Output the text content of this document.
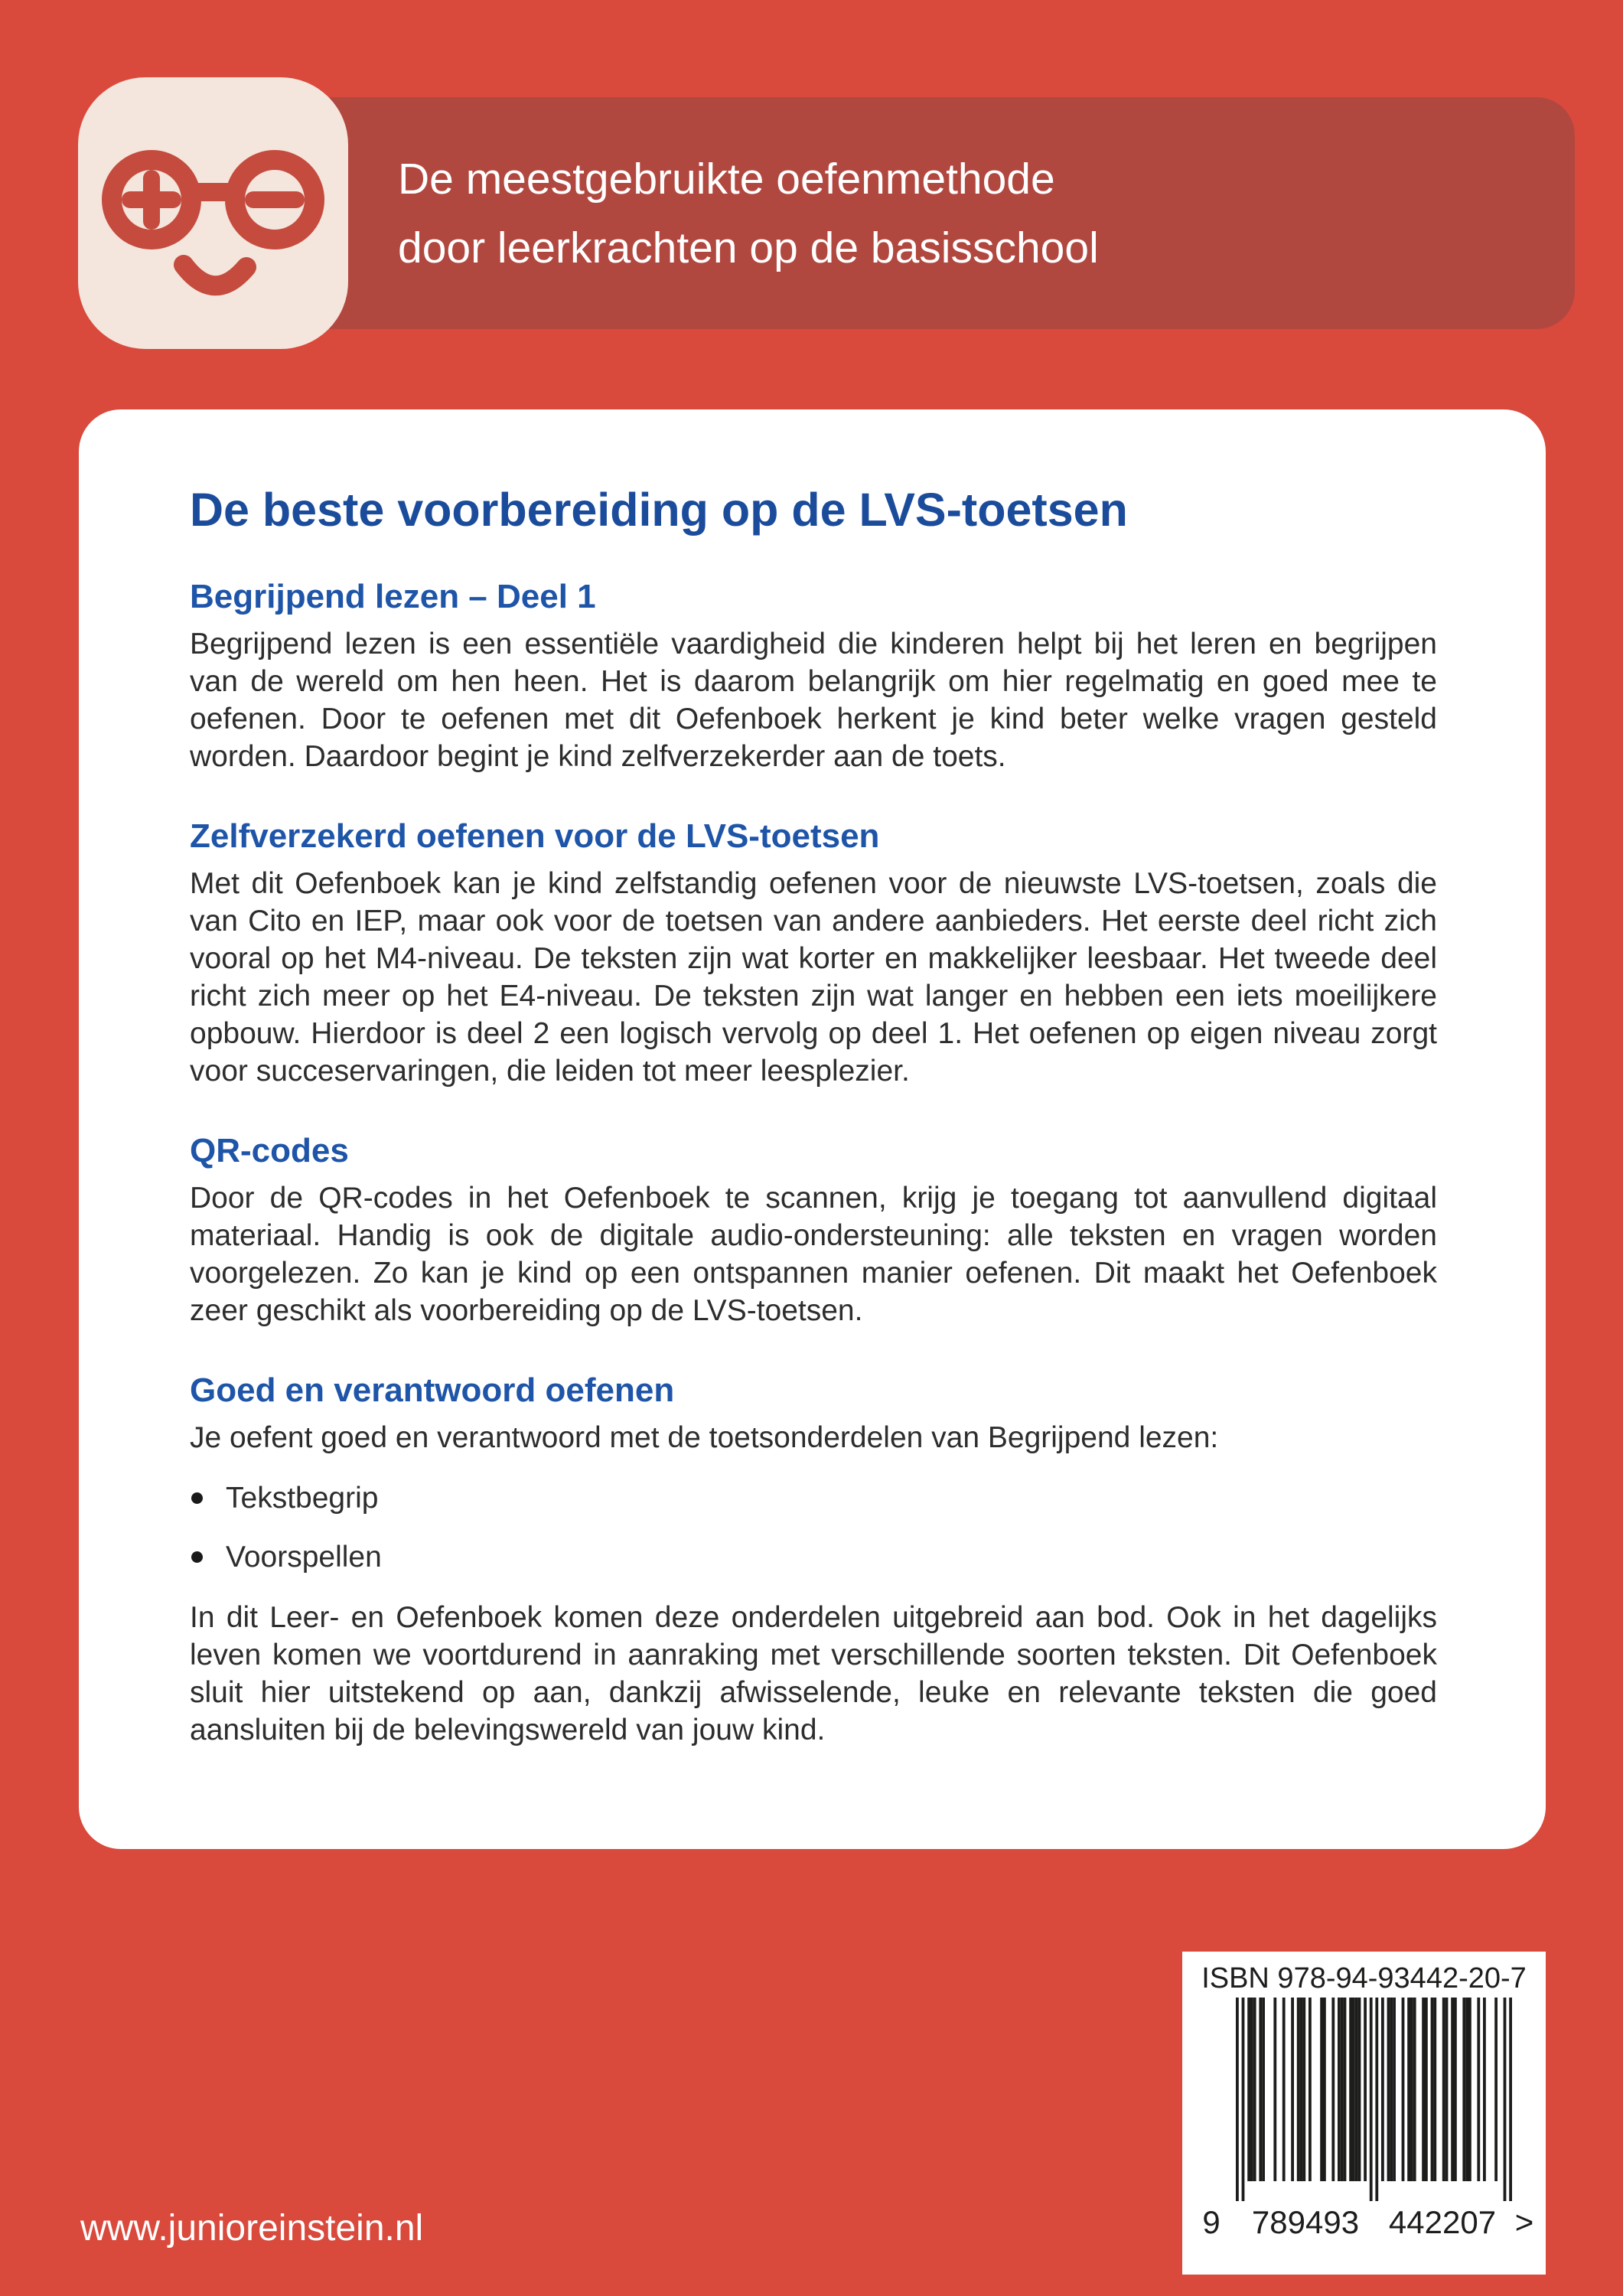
De meestgebruikte oefenmethode
door leerkrachten op de basisschool
De beste voorbereiding op de LVS-toetsen
Begrijpend lezen – Deel 1

Begrijpend lezen is een essentiële vaardigheid die kinderen helpt bij het leren en begrijpen van de wereld om hen heen. Het is daarom belangrijk om hier regelmatig en goed mee te oefenen. Door te oefenen met dit Oefenboek herkent je kind beter welke vragen gesteld worden. Daardoor begint je kind zelfverzekerder aan de toets.

Zelfverzekerd oefenen voor de LVS-toetsen

Met dit Oefenboek kan je kind zelfstandig oefenen voor de nieuwste LVS-toetsen, zoals die van Cito en IEP, maar ook voor de toetsen van andere aanbieders. Het eerste deel richt zich vooral op het M4-niveau. De teksten zijn wat korter en makkelijker leesbaar. Het tweede deel richt zich meer op het E4-niveau. De teksten zijn wat langer en hebben een iets moeilijkere opbouw. Hierdoor is deel 2 een logisch vervolg op deel 1. Het oefenen op eigen niveau zorgt voor succeservaringen, die leiden tot meer leesplezier.

QR-codes

Door de QR-codes in het Oefenboek te scannen, krijg je toegang tot aanvullend digitaal materiaal. Handig is ook de digitale audio-ondersteuning: alle teksten en vragen worden voorgelezen. Zo kan je kind op een ontspannen manier oefenen. Dit maakt het Oefenboek zeer geschikt als voorbereiding op de LVS-toetsen.

Goed en verantwoord oefenen

Je oefent goed en verantwoord met de toetsonderdelen van Begrijpend lezen:

Tekstbegrip
Voorspellen

In dit Leer- en Oefenboek komen deze onderdelen uitgebreid aan bod. Ook in het dagelijks leven komen we voortdurend in aanraking met verschillende soorten teksten. Dit Oefenboek sluit hier uitstekend op aan, dankzij afwisselende, leuke en relevante teksten die goed aansluiten bij de belevingswereld van jouw kind.

www.junioreinstein.nl
ISBN 978-94-93442-20-7
9 789493 442207 >
